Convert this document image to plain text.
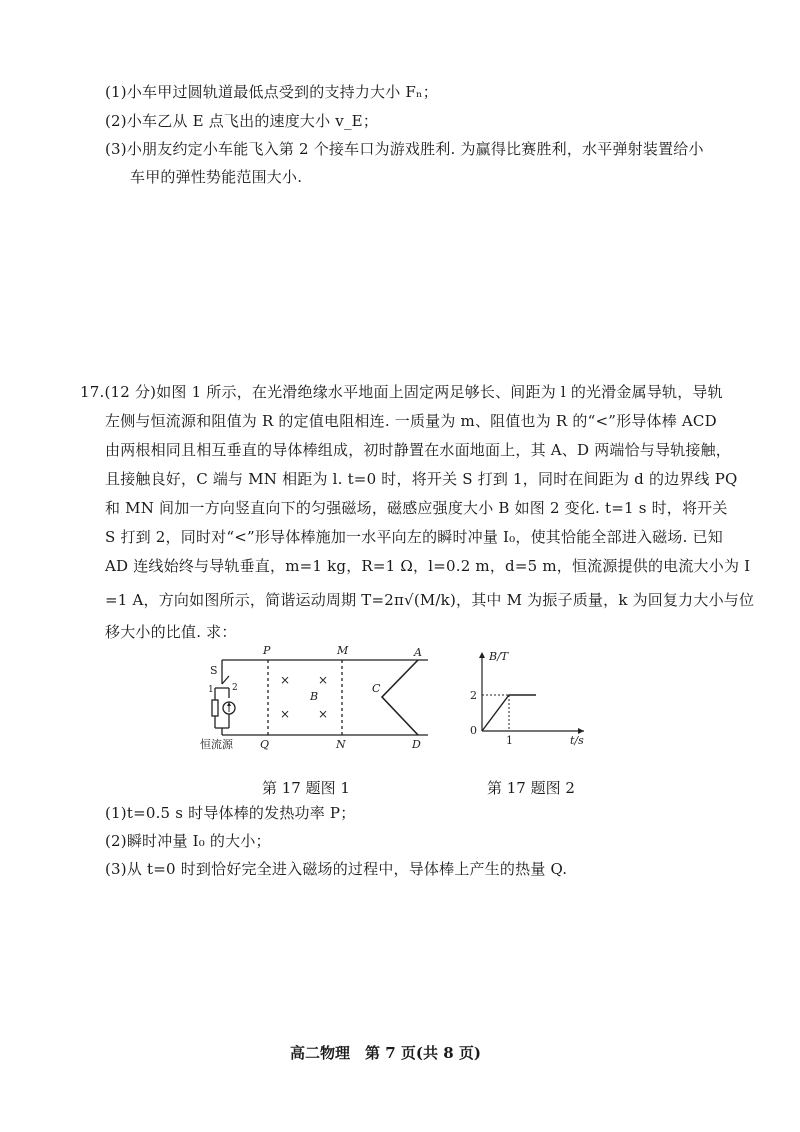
(1)小车甲过圆轨道最低点受到的支持力大小 Fₙ；
(2)小车乙从 E 点飞出的速度大小 v_E；
(3)小朋友约定小车能飞入第 2 个接车口为游戏胜利. 为赢得比赛胜利，水平弹射装置给小
车甲的弹性势能范围大小.
17.(12 分)如图 1 所示，在光滑绝缘水平地面上固定两足够长、间距为 l 的光滑金属导轨，导轨
左侧与恒流源和阻值为 R 的定值电阻相连. 一质量为 m、阻值也为 R 的“<”形导体棒 ACD
由两根相同且相互垂直的导体棒组成，初时静置在水面地面上，其 A、D 两端恰与导轨接触，
且接触良好，C 端与 MN 相距为 l. t=0 时，将开关 S 打到 1，同时在间距为 d 的边界线 PQ
和 MN 间加一方向竖直向下的匀强磁场，磁感应强度大小 B 如图 2 变化. t=1 s 时，将开关
S 打到 2，同时对“<”形导体棒施加一水平向左的瞬时冲量 I₀，使其恰能全部进入磁场. 已知
AD 连线始终与导轨垂直，m=1 kg，R=1 Ω，l=0.2 m，d=5 m，恒流源提供的电流大小为 I
=1 A，方向如图所示，简谐运动周期 T=2π√(M/k)，其中 M 为振子质量，k 为回复力大小与位
移大小的比值. 求：
S
1 2
P	M	A
B
C
Q	N	D
恒流源
× ×
× ×
B/T
t/s
2
0
1
第 17 题图 1	第 17 题图 2
(1)t=0.5 s 时导体棒的发热功率 P；
(2)瞬时冲量 I₀ 的大小；
(3)从 t=0 时到恰好完全进入磁场的过程中，导体棒上产生的热量 Q.
高二物理　第 7 页(共 8 页)
